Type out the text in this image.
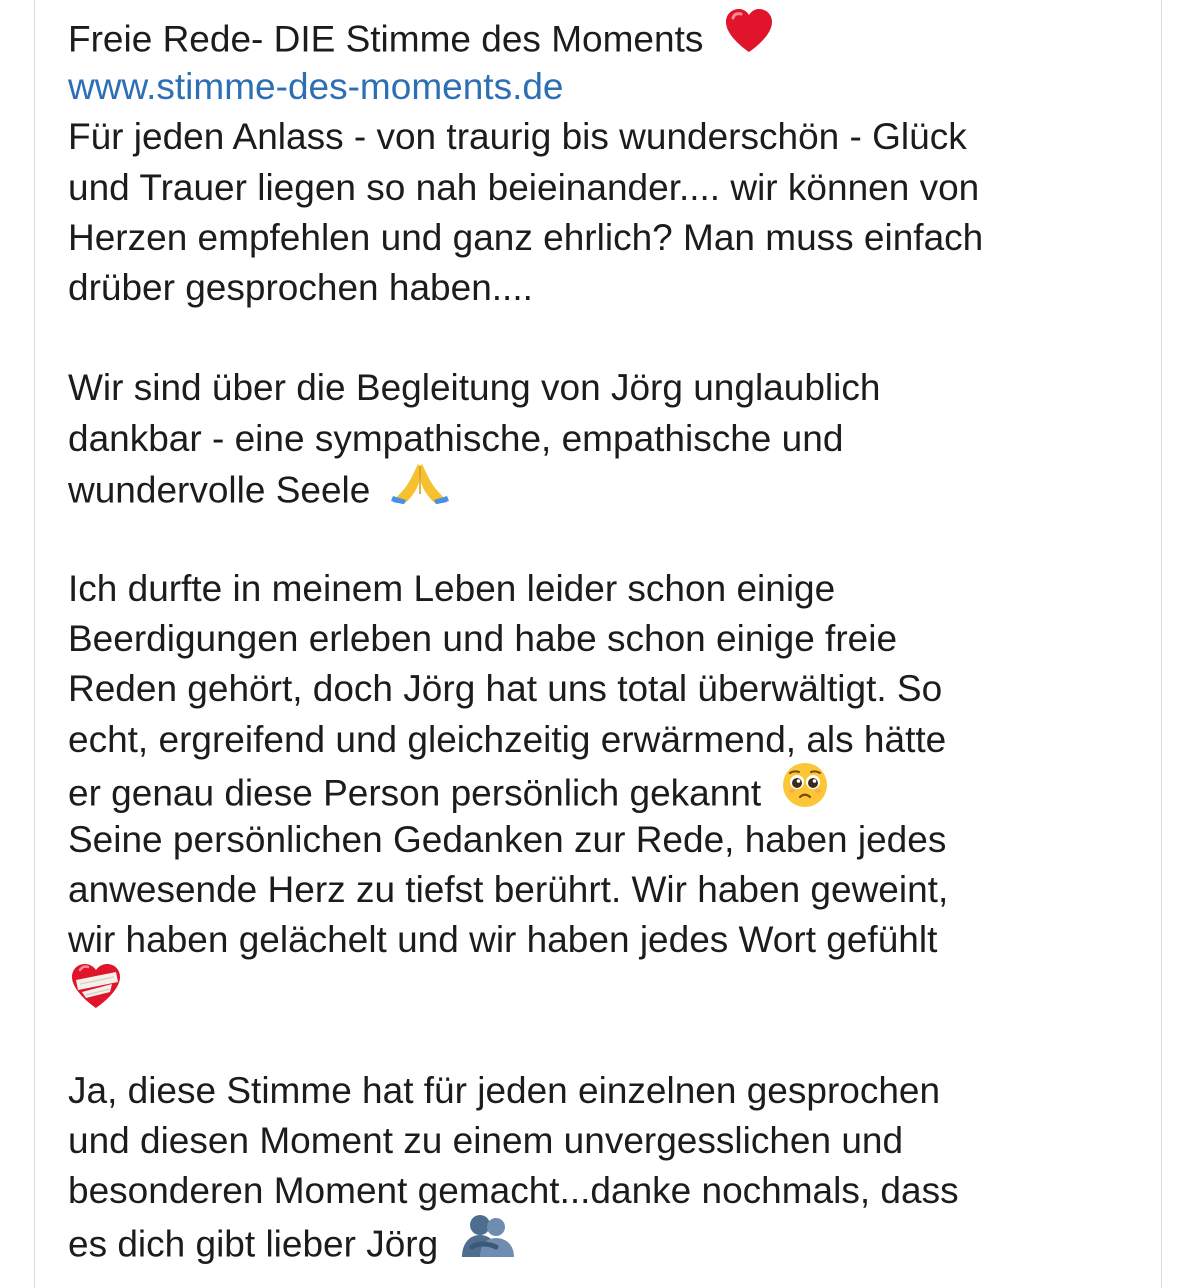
Freie Rede- DIE Stimme des Moments
www.stimme-des-moments.de
Für jeden Anlass - von traurig bis wunderschön - Glück
und Trauer liegen so nah beieinander.... wir können von
Herzen empfehlen und ganz ehrlich? Man muss einfach
drüber gesprochen haben....
Wir sind über die Begleitung von Jörg unglaublich
dankbar - eine sympathische, empathische und
wundervolle Seele
Ich durfte in meinem Leben leider schon einige
Beerdigungen erleben und habe schon einige freie
Reden gehört, doch Jörg hat uns total überwältigt. So
echt, ergreifend und gleichzeitig erwärmend, als hätte
er genau diese Person persönlich gekannt
Seine persönlichen Gedanken zur Rede, haben jedes
anwesende Herz zu tiefst berührt. Wir haben geweint,
wir haben gelächelt und wir haben jedes Wort gefühlt
Ja, diese Stimme hat für jeden einzelnen gesprochen
und diesen Moment zu einem unvergesslichen und
besonderen Moment gemacht...danke nochmals, dass
es dich gibt lieber Jörg
